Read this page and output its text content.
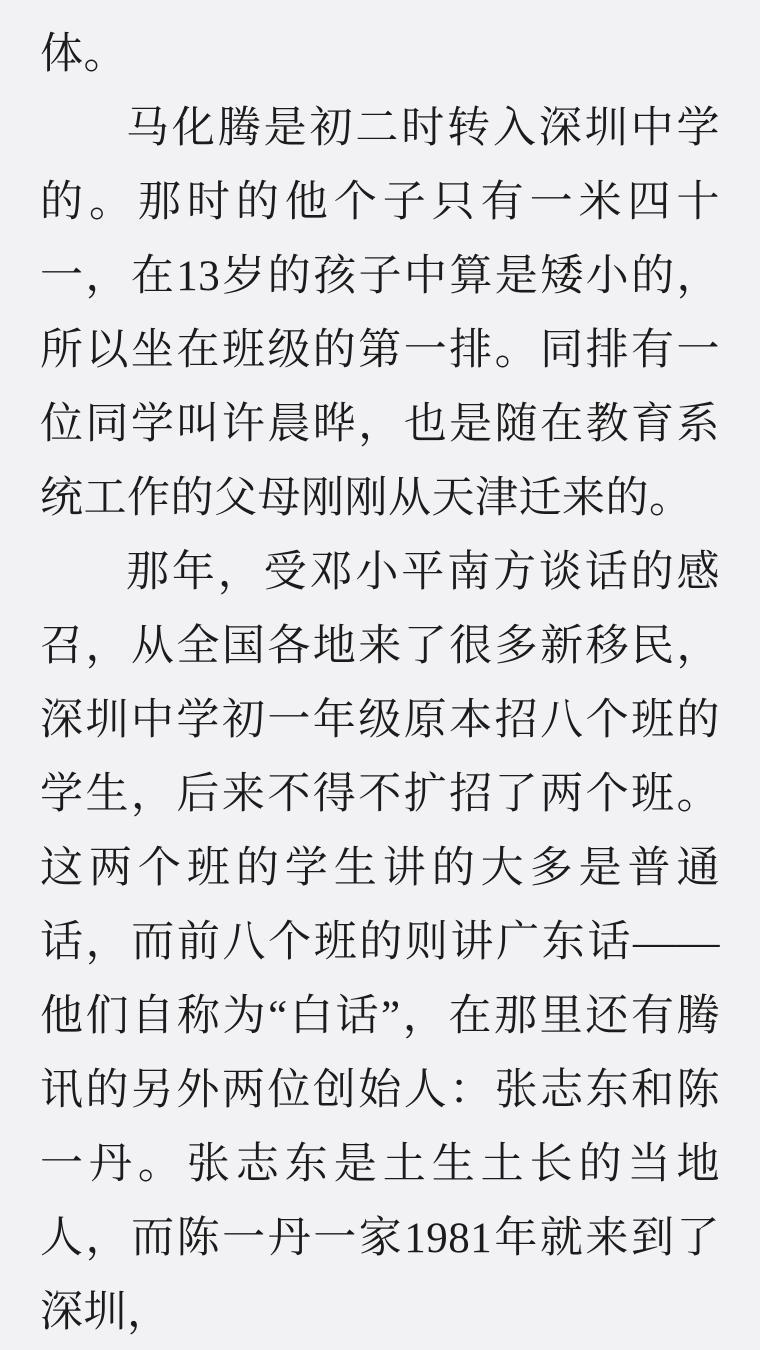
体。

马化腾是初二时转入深圳中学的。那时的他个子只有一米四十一，在13岁的孩子中算是矮小的，所以坐在班级的第一排。同排有一位同学叫许晨晔，也是随在教育系统工作的父母刚刚从天津迁来的。

那年，受邓小平南方谈话的感召，从全国各地来了很多新移民，深圳中学初一年级原本招八个班的学生，后来不得不扩招了两个班。这两个班的学生讲的大多是普通话，而前八个班的则讲广东话——他们自称为“白话”，在那里还有腾讯的另外两位创始人：张志东和陈一丹。张志东是土生土长的当地人，而陈一丹一家1981年就来到了深圳，
